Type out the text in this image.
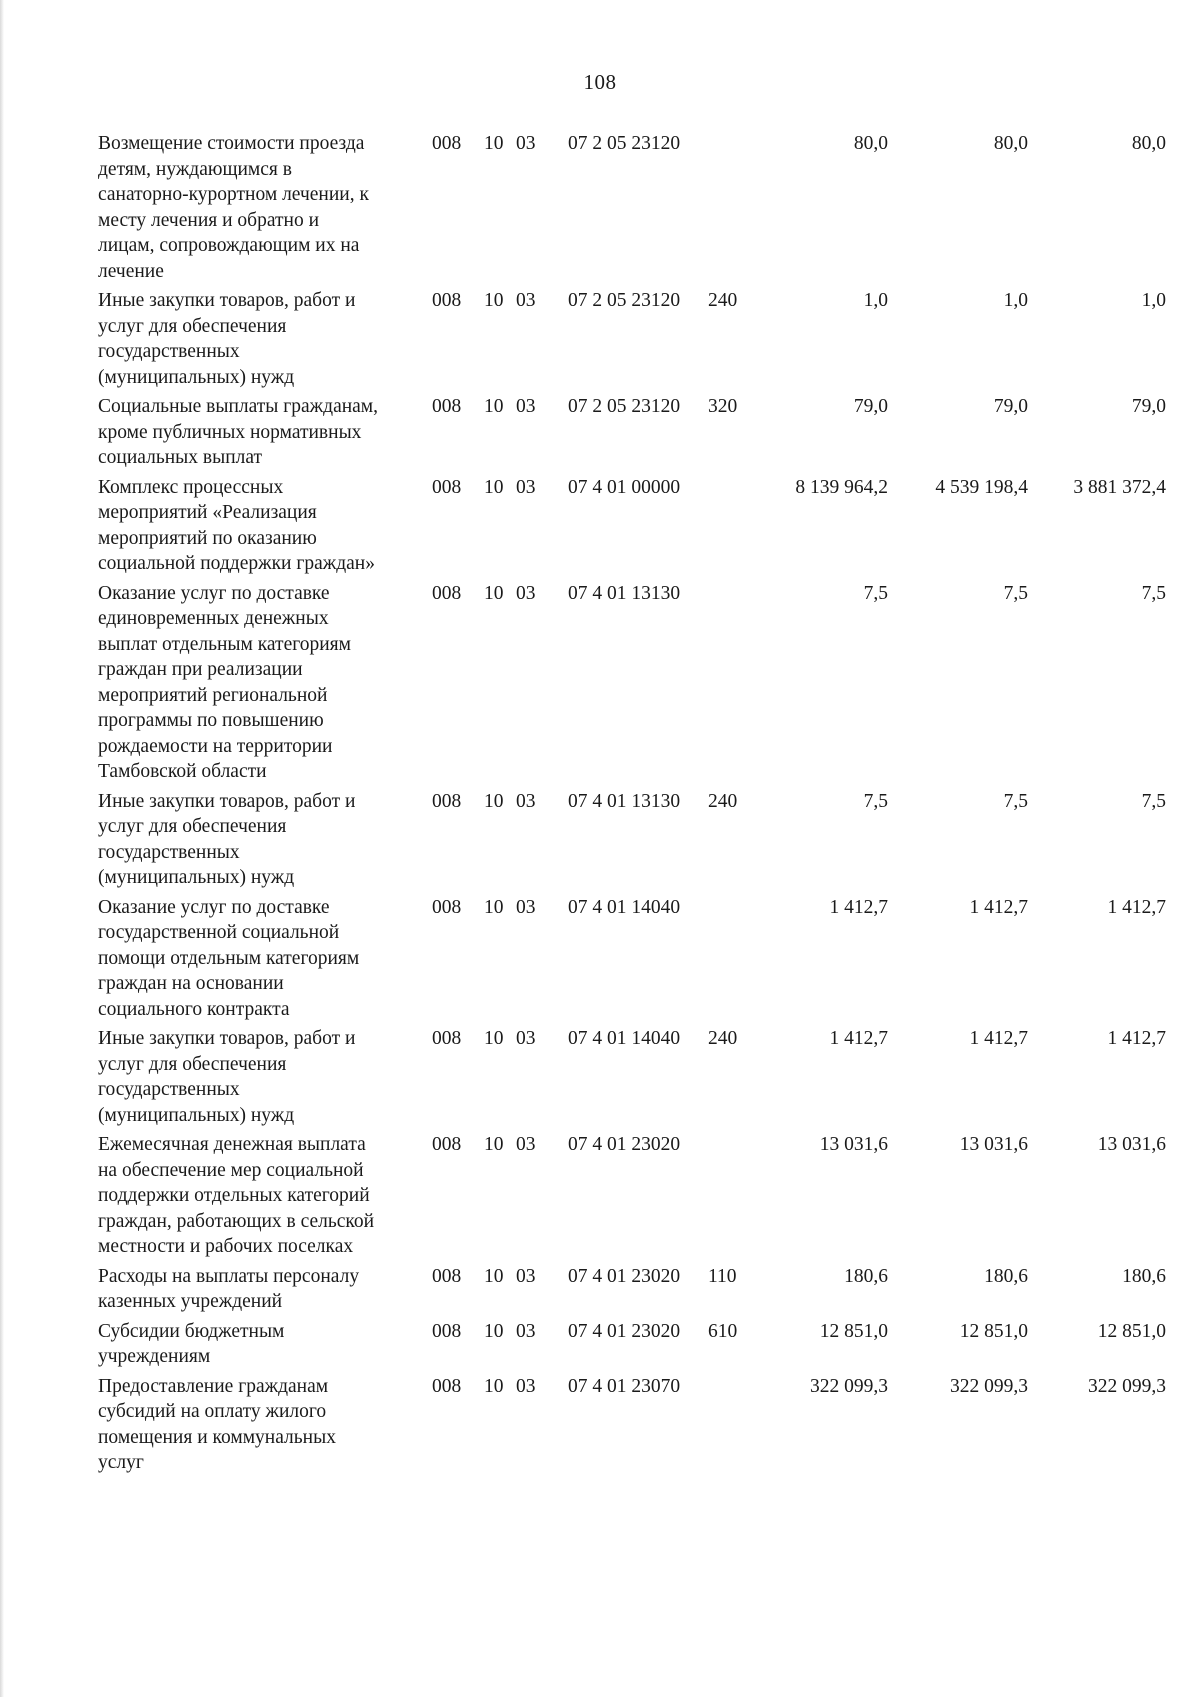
108
Возмещение стоимости проезда
детям, нуждающимся в
санаторно-курортном лечении, к
месту лечения и обратно и
лицам, сопровождающим их на
лечение
008 10 03 07 2 05 23120	80,0	80,0	80,0
Иные закупки товаров, работ и
услуг для обеспечения
государственных
(муниципальных) нужд
008 10 03 07 2 05 23120 240	1,0	1,0	1,0
Социальные выплаты гражданам,
кроме публичных нормативных
социальных выплат
008 10 03 07 2 05 23120 320	79,0	79,0	79,0
Комплекс процессных
мероприятий «Реализация
мероприятий по оказанию
социальной поддержки граждан»
008 10 03 07 4 01 00000	8 139 964,2	4 539 198,4	3 881 372,4
Оказание услуг по доставке
единовременных денежных
выплат отдельным категориям
граждан при реализации
мероприятий региональной
программы по повышению
рождаемости на территории
Тамбовской области
008 10 03 07 4 01 13130	7,5	7,5	7,5
Иные закупки товаров, работ и
услуг для обеспечения
государственных
(муниципальных) нужд
008 10 03 07 4 01 13130 240	7,5	7,5	7,5
Оказание услуг по доставке
государственной социальной
помощи отдельным категориям
граждан на основании
социального контракта
008 10 03 07 4 01 14040	1 412,7	1 412,7	1 412,7
Иные закупки товаров, работ и
услуг для обеспечения
государственных
(муниципальных) нужд
008 10 03 07 4 01 14040 240	1 412,7	1 412,7	1 412,7
Ежемесячная денежная выплата
на обеспечение мер социальной
поддержки отдельных категорий
граждан, работающих в сельской
местности и рабочих поселках
008 10 03 07 4 01 23020	13 031,6	13 031,6	13 031,6
Расходы на выплаты персоналу
казенных учреждений
008 10 03 07 4 01 23020 110	180,6	180,6	180,6
Субсидии бюджетным
учреждениям
008 10 03 07 4 01 23020 610	12 851,0	12 851,0	12 851,0
Предоставление гражданам
субсидий на оплату жилого
помещения и коммунальных
услуг
008 10 03 07 4 01 23070	322 099,3	322 099,3	322 099,3
